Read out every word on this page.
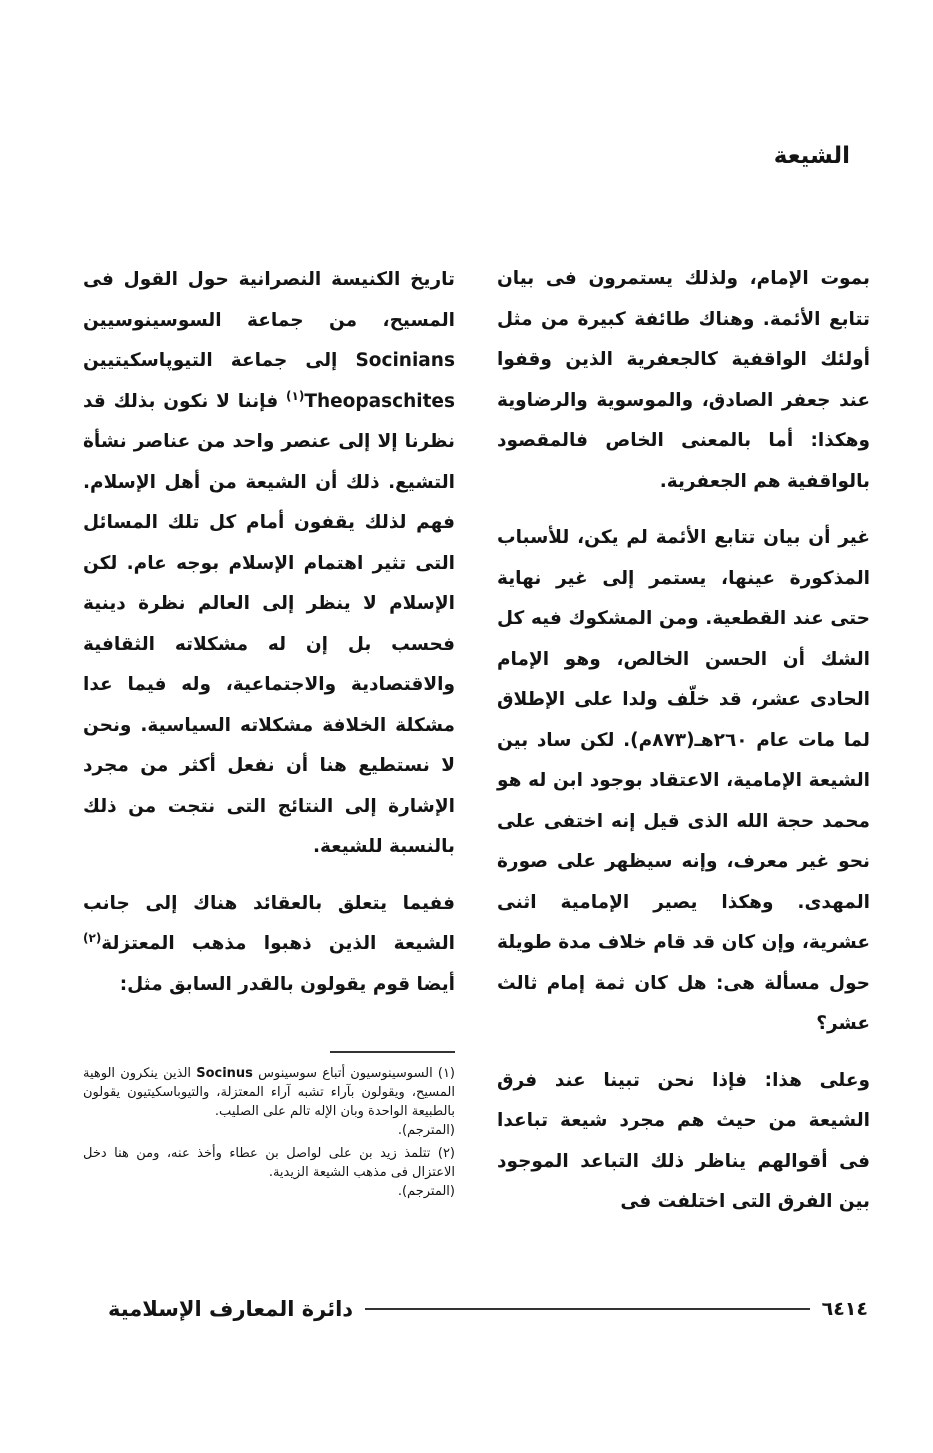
الشيعة

بموت الإمام، ولذلك يستمرون فى بيان تتابع الأئمة. وهناك طائفة كبيرة من مثل أولئك الواقفية كالجعفرية الذين وقفوا عند جعفر الصادق، والموسوية والرضاوية وهكذا: أما بالمعنى الخاص فالمقصود بالواقفية هم الجعفرية.

غير أن بيان تتابع الأئمة لم يكن، للأسباب المذكورة عينها، يستمر إلى غير نهاية حتى عند القطعية. ومن المشكوك فيه كل الشك أن الحسن الخالص، وهو الإمام الحادى عشر، قد خلّف ولدا على الإطلاق لما مات عام ٢٦٠هـ(٨٧٣م). لكن ساد بين الشيعة الإمامية، الاعتقاد بوجود ابن له هو محمد حجة الله الذى قيل إنه اختفى على نحو غير معرف، وإنه سيظهر على صورة المهدى. وهكذا يصير الإمامية اثنى عشرية، وإن كان قد قام خلاف مدة طويلة حول مسألة هى: هل كان ثمة إمام ثالث عشر؟

وعلى هذا: فإذا نحن تبينا عند فرق الشيعة من حيث هم مجرد شيعة تباعدا فى أقوالهم يناظر ذلك التباعد الموجود بين الفرق التى اختلفت فى

تاريخ الكنيسة النصرانية حول القول فى المسيح، من جماعة السوسينوسيين Socinians إلى جماعة التيوپاسكيتيين Theopaschites$^{(١)}$ فإننا لا نكون بذلك قد نظرنا إلا إلى عنصر واحد من عناصر نشأة التشيع. ذلك أن الشيعة من أهل الإسلام. فهم لذلك يقفون أمام كل تلك المسائل التى تثير اهتمام الإسلام بوجه عام. لكن الإسلام لا ينظر إلى العالم نظرة دينية فحسب بل إن له مشكلاته الثقافية والاقتصادية والاجتماعية، وله فيما عدا مشكلة الخلافة مشكلاته السياسية. ونحن لا نستطيع هنا أن نفعل أكثر من مجرد الإشارة إلى النتائج التى نتجت من ذلك بالنسبة للشيعة.

ففيما يتعلق بالعقائد هناك إلى جانب الشيعة الذين ذهبوا مذهب المعتزلة$^{(٢)}$ أيضا قوم يقولون بالقدر السابق مثل:

(١) السوسينوسيون أتباع سوسينوس Socinus الذين ينكرون الوهية المسيح، ويقولون بآراء تشبه آراء المعتزلة، والتيوباسكيتيون يقولون بالطبيعة الواحدة وبان الإله تالم على الصليب.
(المترجم).

(٢) تتلمذ زيد بن على لواصل بن عطاء وأخذ عنه، ومن هنا دخل الاعتزال فى مذهب الشيعة الزيدية.
(المترجم).

٦٤١٤
دائرة المعارف الإسلامية
